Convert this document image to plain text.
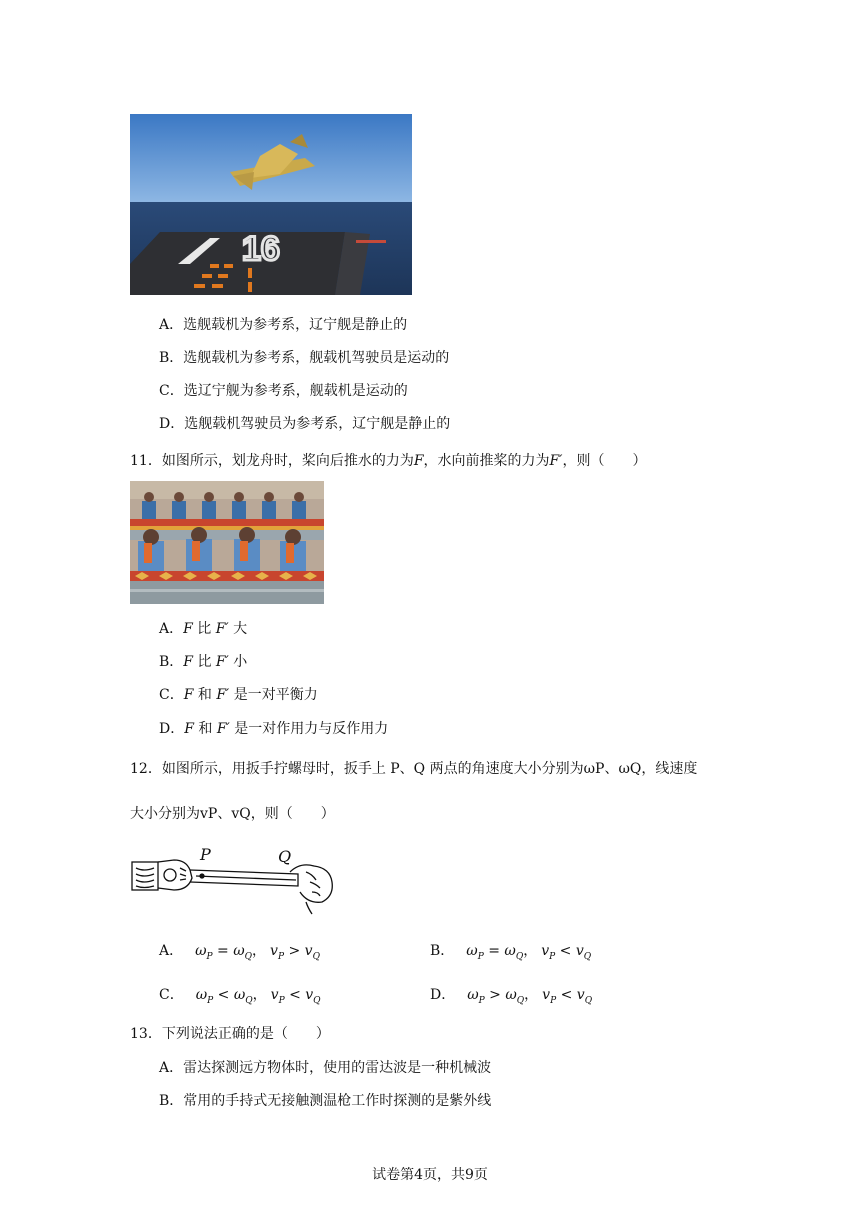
16
A．选舰载机为参考系，辽宁舰是静止的
B．选舰载机为参考系，舰载机驾驶员是运动的
C．选辽宁舰为参考系，舰载机是运动的
D．选舰载机驾驶员为参考系，辽宁舰是静止的
11．如图所示，划龙舟时，桨向后推水的力为F，水向前推桨的力为F′，则（　　）
A．F 比 F′ 大
B．F 比 F′ 小
C．F 和 F′ 是一对平衡力
D．F 和 F′ 是一对作用力与反作用力
12．如图所示，用扳手拧螺母时，扳手上 P、Q 两点的角速度大小分别为ωP、ωQ，线速度
大小分别为vP、vQ，则（　　）
P	Q
A． $\omega_P = \omega_Q$， $v_P > v_Q$	B． $\omega_P = \omega_Q$， $v_P < v_Q$
C． $\omega_P < \omega_Q$， $v_P < v_Q$	D． $\omega_P > \omega_Q$， $v_P < v_Q$
13．下列说法正确的是（　　）
A．雷达探测远方物体时，使用的雷达波是一种机械波
B．常用的手持式无接触测温枪工作时探测的是紫外线
试卷第4页，共9页
